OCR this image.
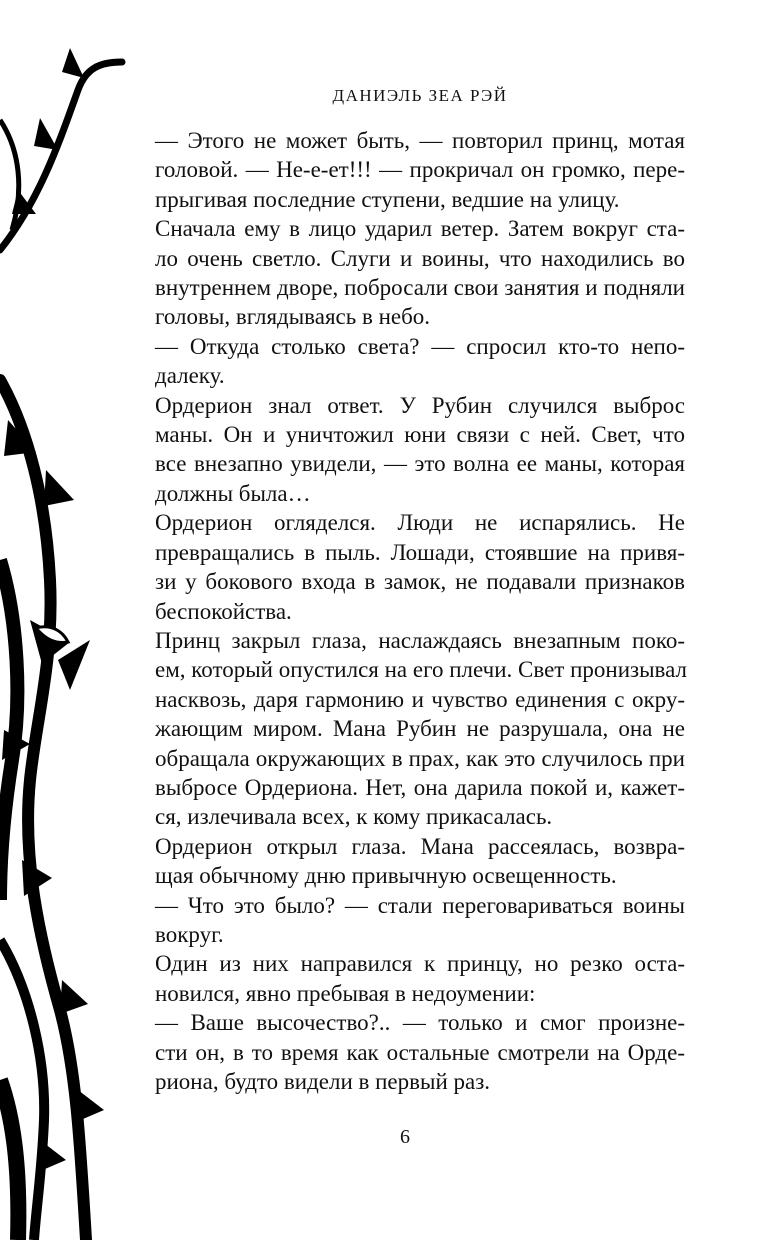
ДАНИЭЛЬ ЗЕА РЭЙ

— Этого не может быть, — повторил принц, мотая
головой. — Не-е-ет!!! — прокричал он громко, пере-
прыгивая последние ступени, ведшие на улицу.

Сначала ему в лицо ударил ветер. Затем вокруг ста-
ло очень светло. Слуги и воины, что находились во
внутреннем дворе, побросали свои занятия и подняли
головы, вглядываясь в небо.

— Откуда столько света? — спросил кто-то непо-
далеку.

Ордерион знал ответ. У Рубин случился выброс
маны. Он и уничтожил юни связи с ней. Свет, что
все внезапно увидели, — это волна ее маны, которая
должны была…

Ордерион огляделся. Люди не испарялись. Не
превращались в пыль. Лошади, стоявшие на привя-
зи у бокового входа в замок, не подавали признаков
беспокойства.

Принц закрыл глаза, наслаждаясь внезапным поко-
ем, который опустился на его плечи. Свет пронизывал
насквозь, даря гармонию и чувство единения с окру-
жающим миром. Мана Рубин не разрушала, она не
обращала окружающих в прах, как это случилось при
выбросе Ордериона. Нет, она дарила покой и, кажет-
ся, излечивала всех, к кому прикасалась.

Ордерион открыл глаза. Мана рассеялась, возвра-
щая обычному дню привычную освещенность.

— Что это было? — стали переговариваться воины
вокруг.

Один из них направился к принцу, но резко оста-
новился, явно пребывая в недоумении:

— Ваше высочество?.. — только и смог произне-
сти он, в то время как остальные смотрели на Орде-
риона, будто видели в первый раз.

6
